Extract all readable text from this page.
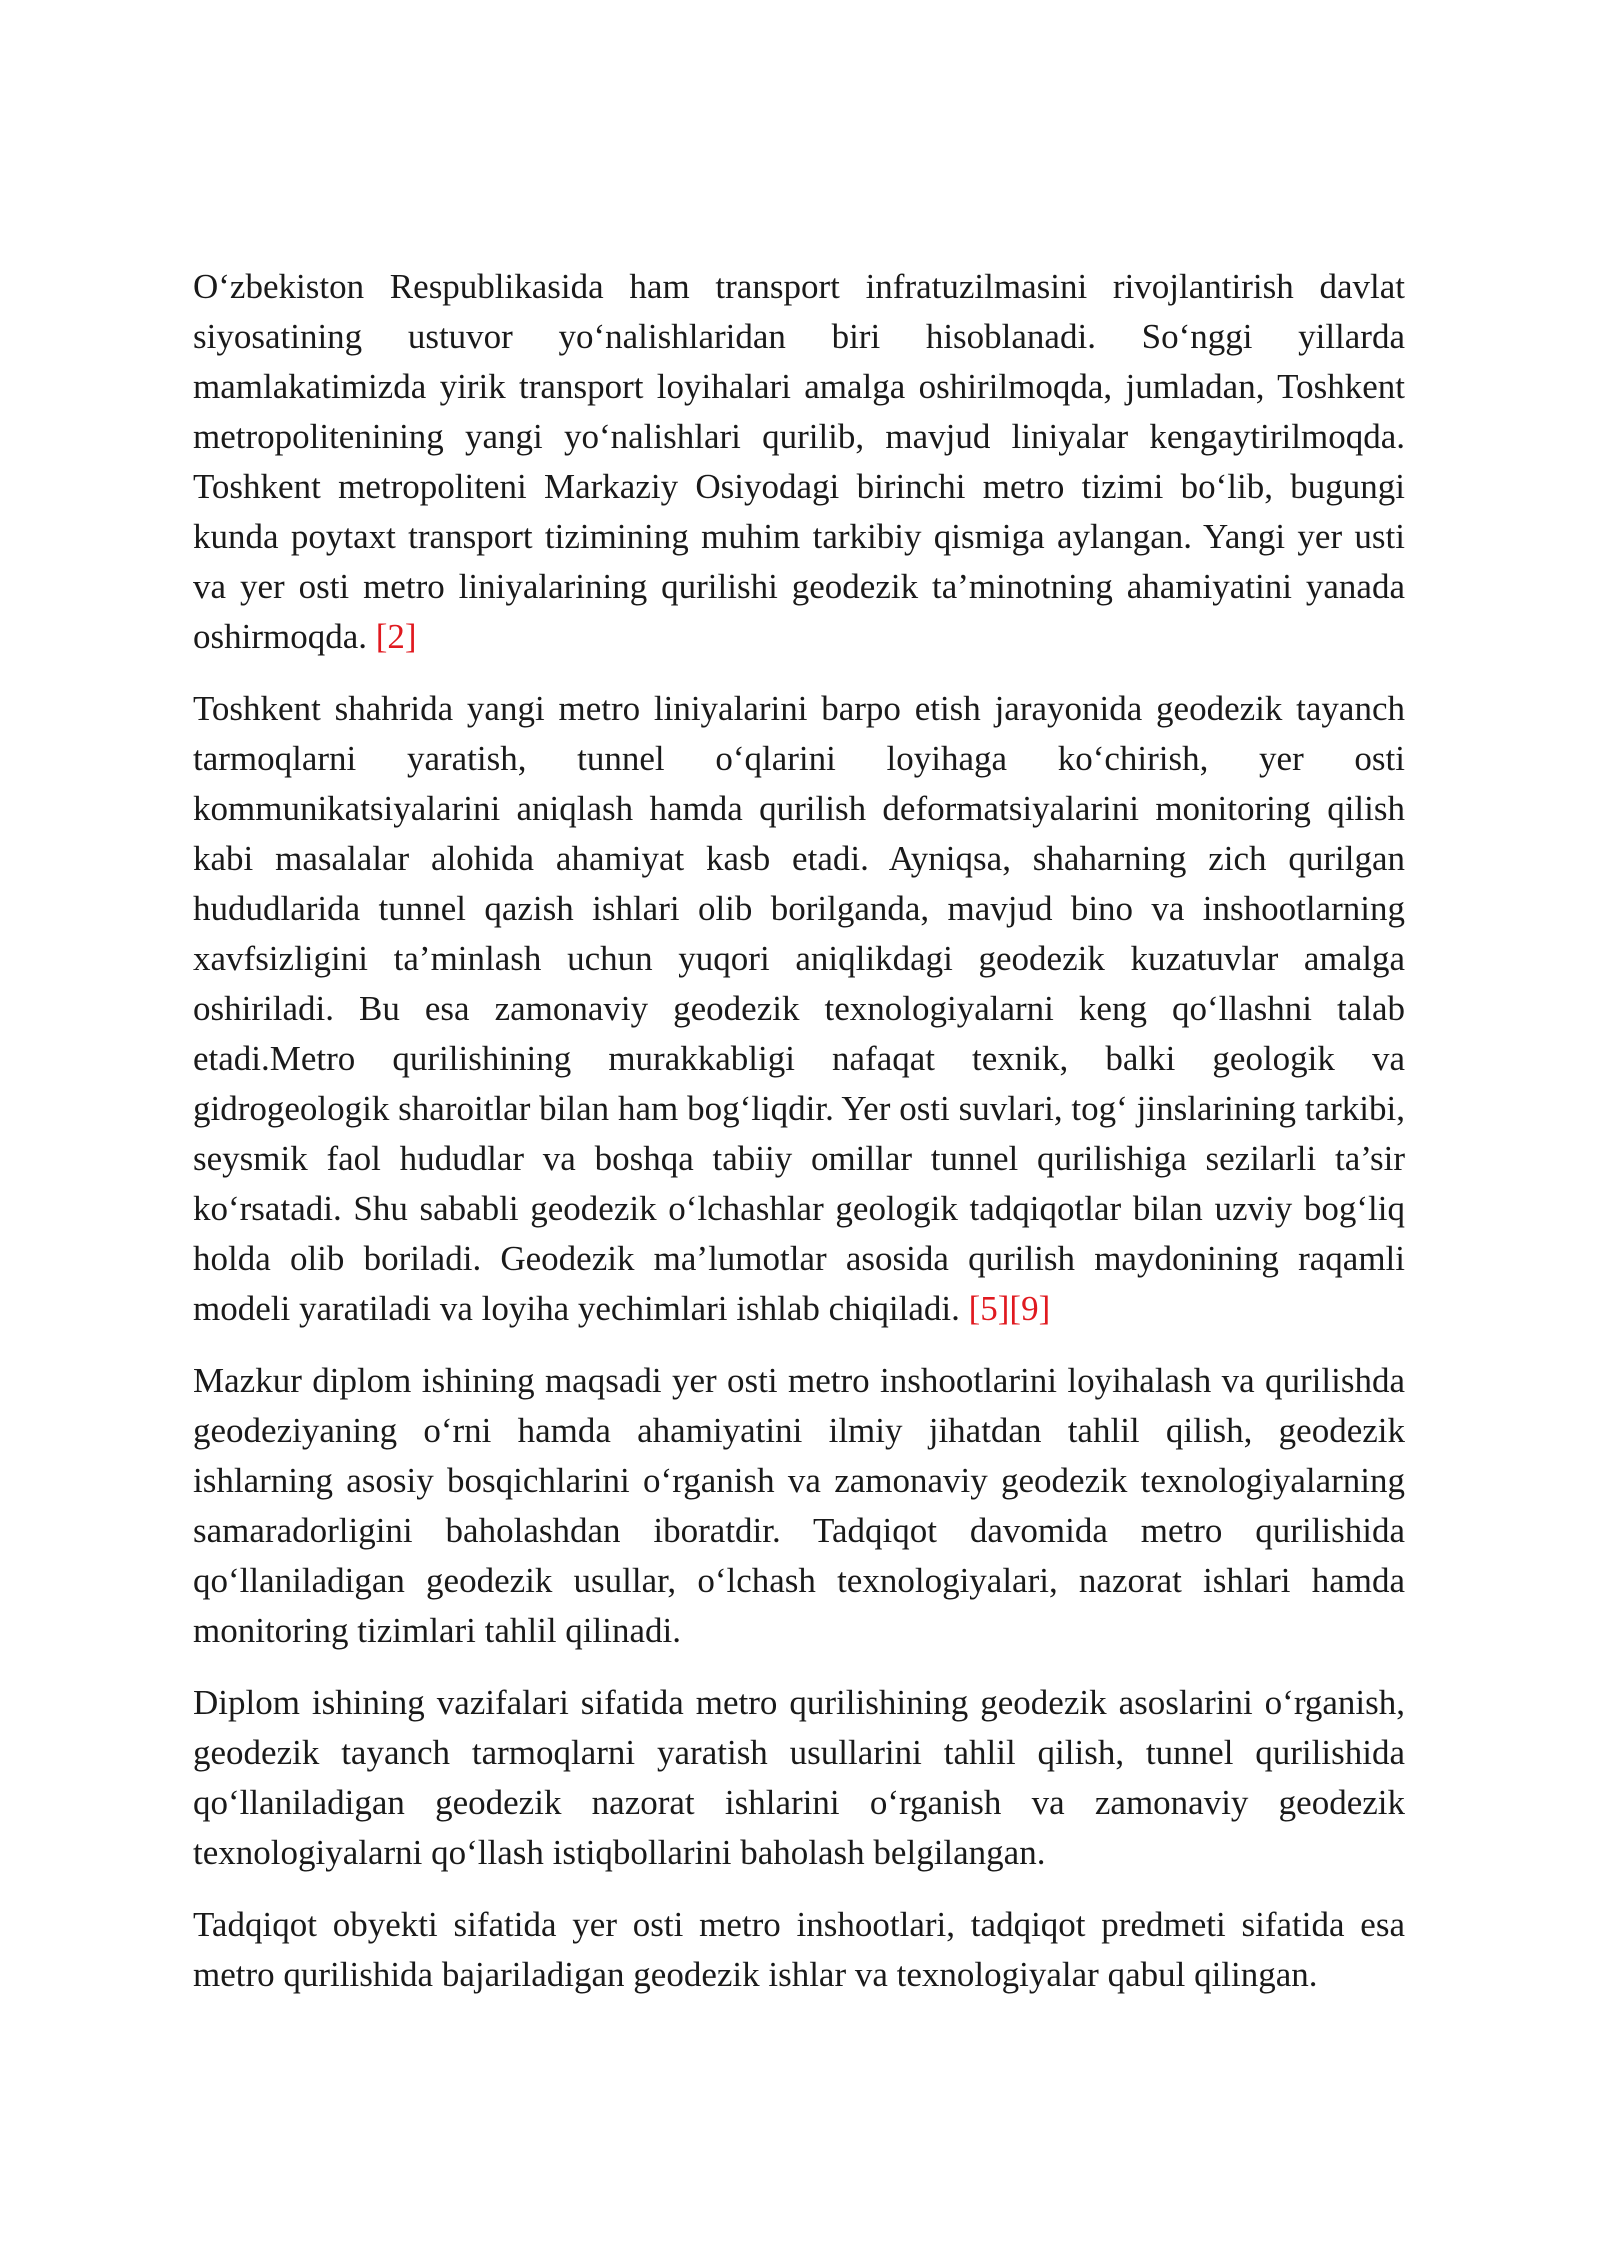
O‘zbekiston Respublikasida ham transport infratuzilmasini rivojlantirish davlat siyosatining ustuvor yo‘nalishlaridan biri hisoblanadi. So‘nggi yillarda mamlakatimizda yirik transport loyihalari amalga oshirilmoqda, jumladan, Toshkent metropolitenining yangi yo‘nalishlari qurilib, mavjud liniyalar kengaytirilmoqda. Toshkent metropoliteni Markaziy Osiyodagi birinchi metro tizimi bo‘lib, bugungi kunda poytaxt transport tizimining muhim tarkibiy qismiga aylangan. Yangi yer usti va yer osti metro liniyalarining qurilishi geodezik ta’minotning ahamiyatini yanada oshirmoqda. [2]

Toshkent shahrida yangi metro liniyalarini barpo etish jarayonida geodezik tayanch tarmoqlarni yaratish, tunnel o‘qlarini loyihaga ko‘chirish, yer osti kommunikatsiyalarini aniqlash hamda qurilish deformatsiyalarini monitoring qilish kabi masalalar alohida ahamiyat kasb etadi. Ayniqsa, shaharning zich qurilgan hududlarida tunnel qazish ishlari olib borilganda, mavjud bino va inshootlarning xavfsizligini ta’minlash uchun yuqori aniqlikdagi geodezik kuzatuvlar amalga oshiriladi. Bu esa zamonaviy geodezik texnologiyalarni keng qo‘llashni talab etadi.Metro qurilishining murakkabligi nafaqat texnik, balki geologik va gidrogeologik sharoitlar bilan ham bog‘liqdir. Yer osti suvlari, tog‘ jinslarining tarkibi, seysmik faol hududlar va boshqa tabiiy omillar tunnel qurilishiga sezilarli ta’sir ko‘rsatadi. Shu sababli geodezik o‘lchashlar geologik tadqiqotlar bilan uzviy bog‘liq holda olib boriladi. Geodezik ma’lumotlar asosida qurilish maydonining raqamli modeli yaratiladi va loyiha yechimlari ishlab chiqiladi. [5][9]

Mazkur diplom ishining maqsadi yer osti metro inshootlarini loyihalash va qurilishda geodeziyaning o‘rni hamda ahamiyatini ilmiy jihatdan tahlil qilish, geodezik ishlarning asosiy bosqichlarini o‘rganish va zamonaviy geodezik texnologiyalarning samaradorligini baholashdan iboratdir. Tadqiqot davomida metro qurilishida qo‘llaniladigan geodezik usullar, o‘lchash texnologiyalari, nazorat ishlari hamda monitoring tizimlari tahlil qilinadi.

Diplom ishining vazifalari sifatida metro qurilishining geodezik asoslarini o‘rganish, geodezik tayanch tarmoqlarni yaratish usullarini tahlil qilish, tunnel qurilishida qo‘llaniladigan geodezik nazorat ishlarini o‘rganish va zamonaviy geodezik texnologiyalarni qo‘llash istiqbollarini baholash belgilangan.

Tadqiqot obyekti sifatida yer osti metro inshootlari, tadqiqot predmeti sifatida esa metro qurilishida bajariladigan geodezik ishlar va texnologiyalar qabul qilingan.
